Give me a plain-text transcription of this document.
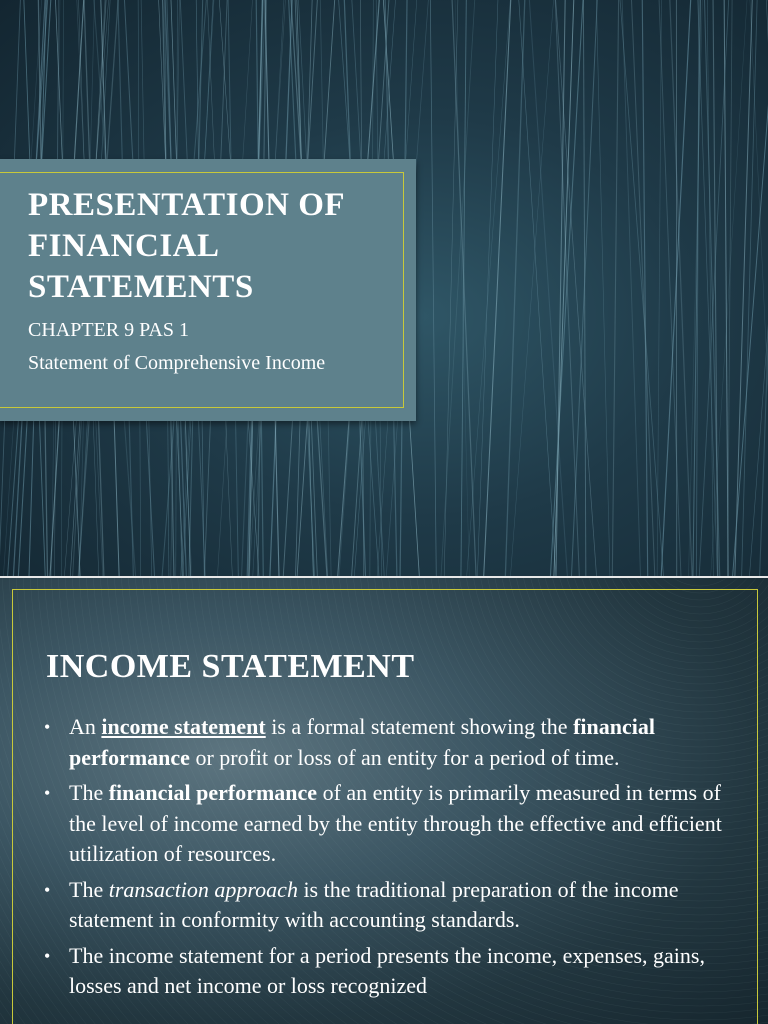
PRESENTATION OF
FINANCIAL
STATEMENTS
CHAPTER 9 PAS 1
Statement of Comprehensive Income
INCOME STATEMENT
• An income statement is a formal statement showing the financial performance or profit or loss of an entity for a period of time.
• The financial performance of an entity is primarily measured in terms of the level of income earned by the entity through the effective and efficient utilization of resources.
• The transaction approach is the traditional preparation of the income statement in conformity with accounting standards.
• The income statement for a period presents the income, expenses, gains, losses and net income or loss recognized
